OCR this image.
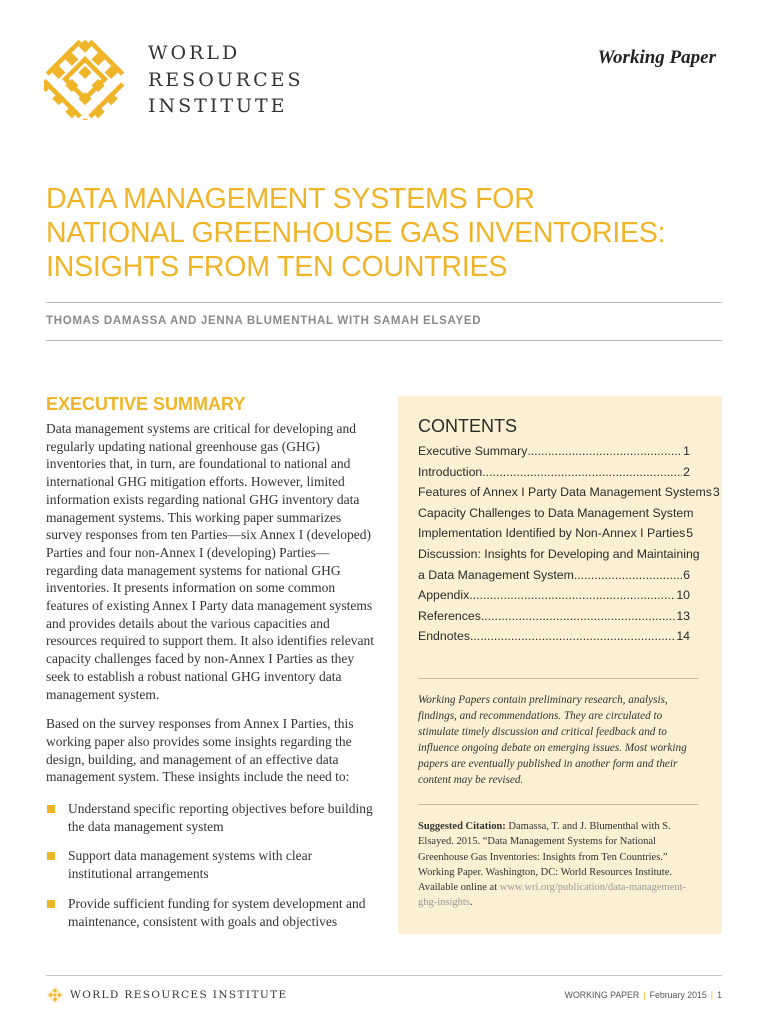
WORLD
RESOURCES
INSTITUTE
Working Paper
DATA MANAGEMENT SYSTEMS FOR
NATIONAL GREENHOUSE GAS INVENTORIES:
INSIGHTS FROM TEN COUNTRIES
THOMAS DAMASSA AND JENNA BLUMENTHAL WITH SAMAH ELSAYED
EXECUTIVE SUMMARY

Data management systems are critical for developing and regularly updating national greenhouse gas (GHG) inventories that, in turn, are foundational to national and international GHG mitigation efforts. However, limited information exists regarding national GHG inventory data management systems. This working paper summarizes survey responses from ten Parties—six Annex I (developed) Parties and four non-Annex I (developing) Parties—regarding data management systems for national GHG inventories. It presents information on some common features of existing Annex I Party data management systems and provides details about the various capacities and resources required to support them. It also identifies relevant capacity challenges faced by non-Annex I Parties as they seek to establish a robust national GHG inventory data management system.

Based on the survey responses from Annex I Parties, this working paper also provides some insights regarding the design, building, and management of an effective data management system. These insights include the need to:

Understand specific reporting objectives before building the data management system
Support data management systems with clear institutional arrangements
Provide sufficient funding for system development and maintenance, consistent with goals and objectives
CONTENTS
Executive Summary .....	1
Introduction .....	2
Features of Annex I Party Data Management Systems 3
Capacity Challenges to Data Management System
Implementation Identified by Non-Annex I Parties 5
Discussion: Insights for Developing and Maintaining
a Data Management System .....	6
Appendix .....	10
References .....	13
Endnotes .....	14
Working Papers contain preliminary research, analysis, findings, and recommendations. They are circulated to stimulate timely discussion and critical feedback and to influence ongoing debate on emerging issues. Most working papers are eventually published in another form and their content may be revised.
Suggested Citation: Damassa, T. and J. Blumenthal with S. Elsayed. 2015. “Data Management Systems for National Greenhouse Gas Inventories: Insights from Ten Countries.” Working Paper. Washington, DC: World Resources Institute. Available online at www.wri.org/publication/data-management-ghg-insights.
WORLD RESOURCES INSTITUTE	WORKING PAPER | February 2015 | 1
